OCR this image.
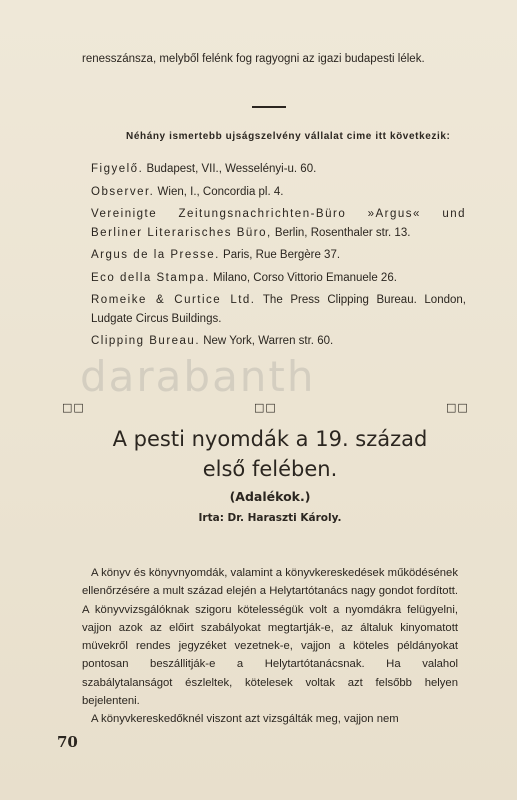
renesszánsza, melyből felénk fog ragyogni az igazi budapesti lélek.
Néhány ismertebb ujságszelvény vállalat cime itt következik:
Figyelő. Budapest, VII., Wesselényi-u. 60.
Observer. Wien, I., Concordia pl. 4.
Vereinigte Zeitungsnachrichten-Büro »Argus« und Berliner Literarisches Büro, Berlin, Rosenthaler str. 13.
Argus de la Presse. Paris, Rue Bergère 37.
Eco della Stampa. Milano, Corso Vittorio Emanuele 26.
Romeike & Curtice Ltd. The Press Clipping Bureau. London, Ludgate Circus Buildings.
Clipping Bureau. New York, Warren str. 60.
darabanth
□□	□□	□□
A pesti nyomdák a 19. század
első felében.
(Adalékok.)
Irta: Dr. Haraszti Károly.

A könyv és könyvnyomdák, valamint a könyvkereskedések működésének ellenőrzésére a mult század elején a Helytartótanács nagy gondot fordított. A könyvvizsgálóknak szigoru kötelességük volt a nyomdákra felügyelni, vajjon azok az előirt szabályokat megtartják-e, az általuk kinyomatott müvekről rendes jegyzéket vezetnek-e, vajjon a köteles példányokat pontosan beszállitják-e a Helytartótanácsnak. Ha valahol szabálytalanságot észleltek, kötelesek voltak azt felsőbb helyen bejelenteni.

A könyvkereskedőknél viszont azt vizsgálták meg, vajjon nem

70
